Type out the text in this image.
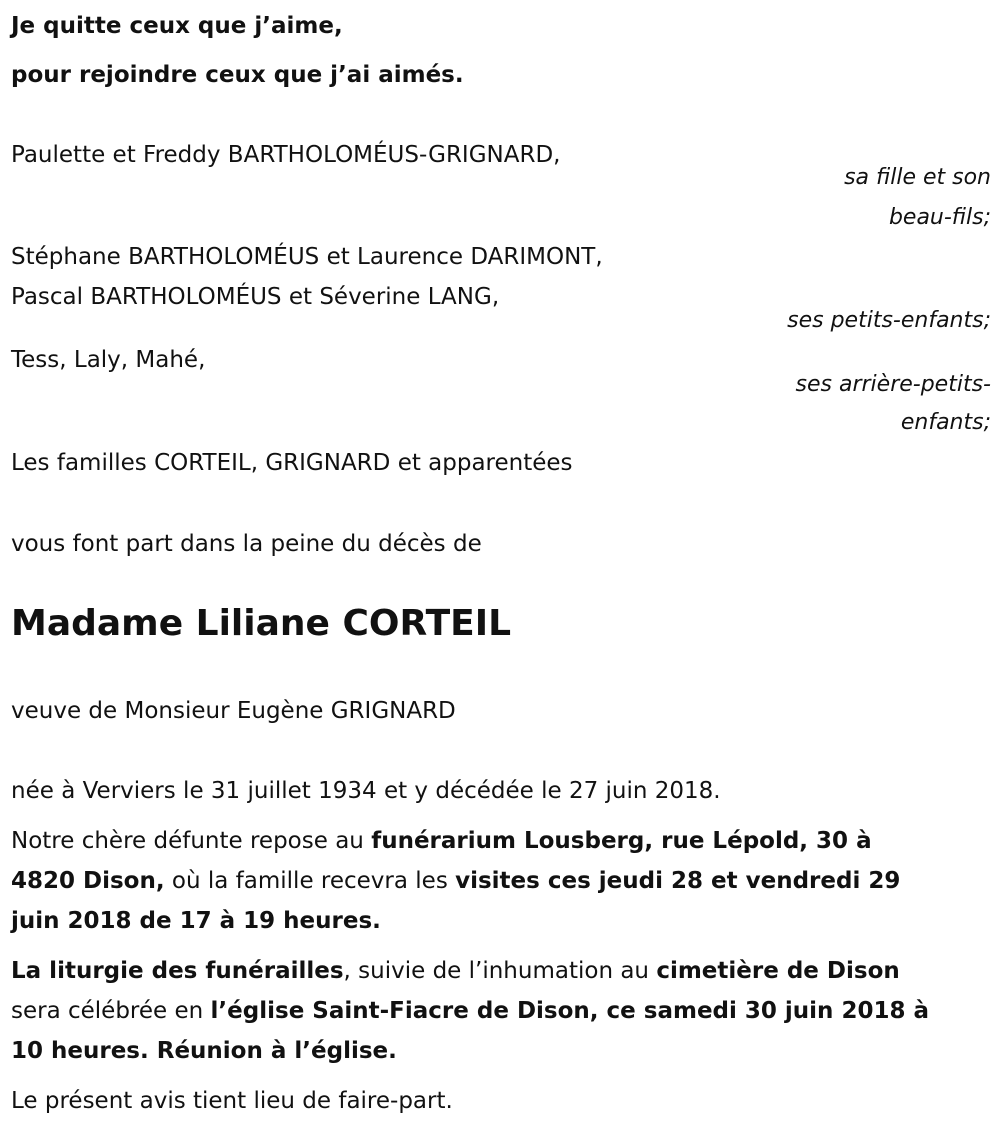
Je quitte ceux que j’aime,
pour rejoindre ceux que j’ai aimés.
Paulette et Freddy BARTHOLOMÉUS-GRIGNARD,
sa fille et son
beau-fils;
Stéphane BARTHOLOMÉUS et Laurence DARIMONT,
Pascal BARTHOLOMÉUS et Séverine LANG,
ses petits-enfants;
Tess, Laly, Mahé,
ses arrière-petits-
enfants;
Les familles CORTEIL, GRIGNARD et apparentées
vous font part dans la peine du décès de
Madame Liliane CORTEIL
veuve de Monsieur Eugène GRIGNARD
née à Verviers le 31 juillet 1934 et y décédée le 27 juin 2018.
Notre chère défunte repose au funérarium Lousberg, rue Lépold, 30 à
4820 Dison, où la famille recevra les visites ces jeudi 28 et vendredi 29
juin 2018 de 17 à 19 heures.
La liturgie des funérailles, suivie de l’inhumation au cimetière de Dison
sera célébrée en l’église Saint-Fiacre de Dison, ce samedi 30 juin 2018 à
10 heures. Réunion à l’église.
Le présent avis tient lieu de faire-part.
